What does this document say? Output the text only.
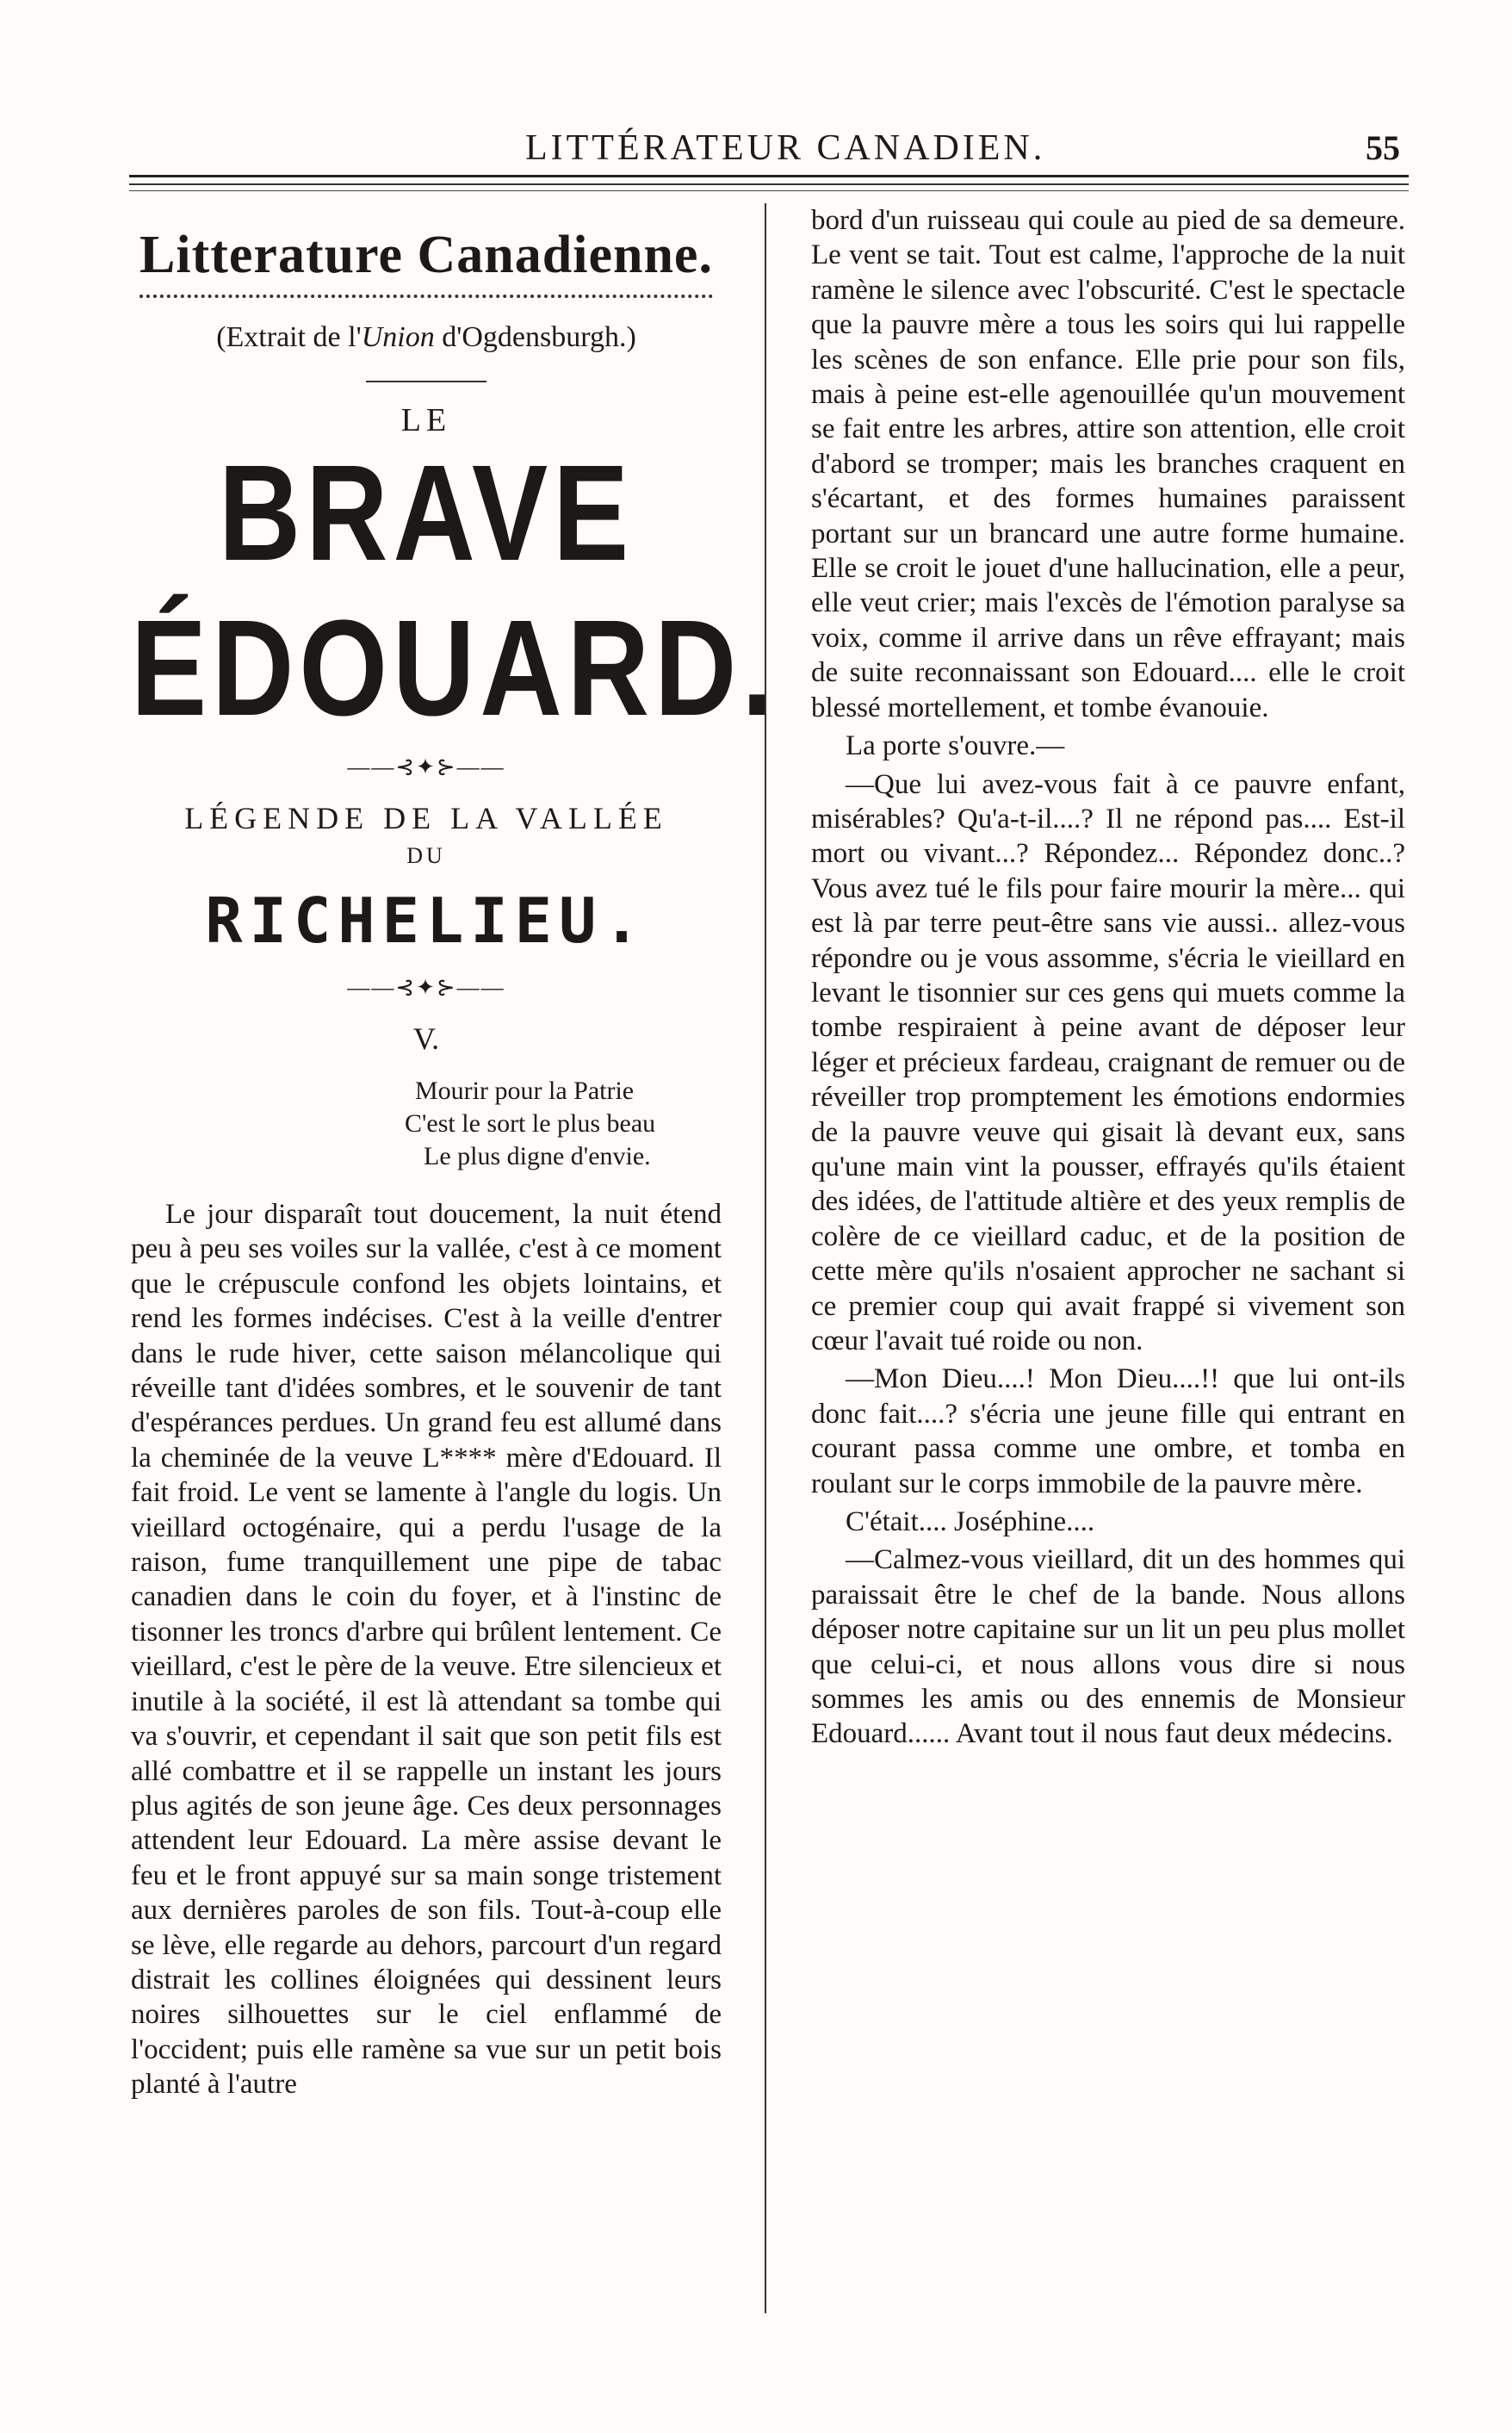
LITTÉRATEUR CANADIEN.	55
Litterature Canadienne.
(Extrait de l'Union d'Ogdensburgh.)
LE
BRAVE ÉDOUARD.
——⊰✦⊱——
LÉGENDE DE LA VALLÉE
DU
RICHELIEU.
——⊰✦⊱——
V.
Mourir pour la Patrie
C'est le sort le plus beau
Le plus digne d'envie.

Le jour disparaît tout doucement, la nuit étend peu à peu ses voiles sur la vallée, c'est à ce moment que le crépuscule confond les objets lointains, et rend les formes indécises. C'est à la veille d'entrer dans le rude hiver, cette saison mélancolique qui réveille tant d'idées sombres, et le souvenir de tant d'espérances perdues. Un grand feu est allumé dans la cheminée de la veuve L**** mère d'Edouard. Il fait froid. Le vent se lamente à l'angle du logis. Un vieillard octogénaire, qui a perdu l'usage de la raison, fume tranquillement une pipe de tabac canadien dans le coin du foyer, et à l'instinc de tisonner les troncs d'arbre qui brûlent lentement. Ce vieillard, c'est le père de la veuve. Etre silencieux et inutile à la société, il est là attendant sa tombe qui va s'ouvrir, et cependant il sait que son petit fils est allé combattre et il se rappelle un instant les jours plus agités de son jeune âge. Ces deux personnages attendent leur Edouard. La mère assise devant le feu et le front appuyé sur sa main songe tristement aux dernières paroles de son fils. Tout-à-coup elle se lève, elle regarde au dehors, parcourt d'un regard distrait les collines éloignées qui dessinent leurs noires silhouettes sur le ciel enflammé de l'occident; puis elle ramène sa vue sur un petit bois planté à l'autre

bord d'un ruisseau qui coule au pied de sa demeure. Le vent se tait. Tout est calme, l'approche de la nuit ramène le silence avec l'obscurité. C'est le spectacle que la pauvre mère a tous les soirs qui lui rappelle les scènes de son enfance. Elle prie pour son fils, mais à peine est-elle agenouillée qu'un mouvement se fait entre les arbres, attire son attention, elle croit d'abord se tromper; mais les branches craquent en s'écartant, et des formes humaines paraissent portant sur un brancard une autre forme humaine. Elle se croit le jouet d'une hallucination, elle a peur, elle veut crier; mais l'excès de l'émotion paralyse sa voix, comme il arrive dans un rêve effrayant; mais de suite reconnaissant son Edouard.... elle le croit blessé mortellement, et tombe évanouie.

La porte s'ouvre.—

—Que lui avez-vous fait à ce pauvre enfant, misérables? Qu'a-t-il....? Il ne répond pas.... Est-il mort ou vivant...? Répondez... Répondez donc..? Vous avez tué le fils pour faire mourir la mère... qui est là par terre peut-être sans vie aussi.. allez-vous répondre ou je vous assomme, s'écria le vieillard en levant le tisonnier sur ces gens qui muets comme la tombe respiraient à peine avant de déposer leur léger et précieux fardeau, craignant de remuer ou de réveiller trop promptement les émotions endormies de la pauvre veuve qui gisait là devant eux, sans qu'une main vint la pousser, effrayés qu'ils étaient des idées, de l'attitude altière et des yeux remplis de colère de ce vieillard caduc, et de la position de cette mère qu'ils n'osaient approcher ne sachant si ce premier coup qui avait frappé si vivement son cœur l'avait tué roide ou non.

—Mon Dieu....! Mon Dieu....!! que lui ont-ils donc fait....? s'écria une jeune fille qui entrant en courant passa comme une ombre, et tomba en roulant sur le corps immobile de la pauvre mère.

C'était.... Joséphine....

—Calmez-vous vieillard, dit un des hommes qui paraissait être le chef de la bande. Nous allons déposer notre capitaine sur un lit un peu plus mollet que celui-ci, et nous allons vous dire si nous sommes les amis ou des ennemis de Monsieur Edouard...... Avant tout il nous faut deux médecins.
